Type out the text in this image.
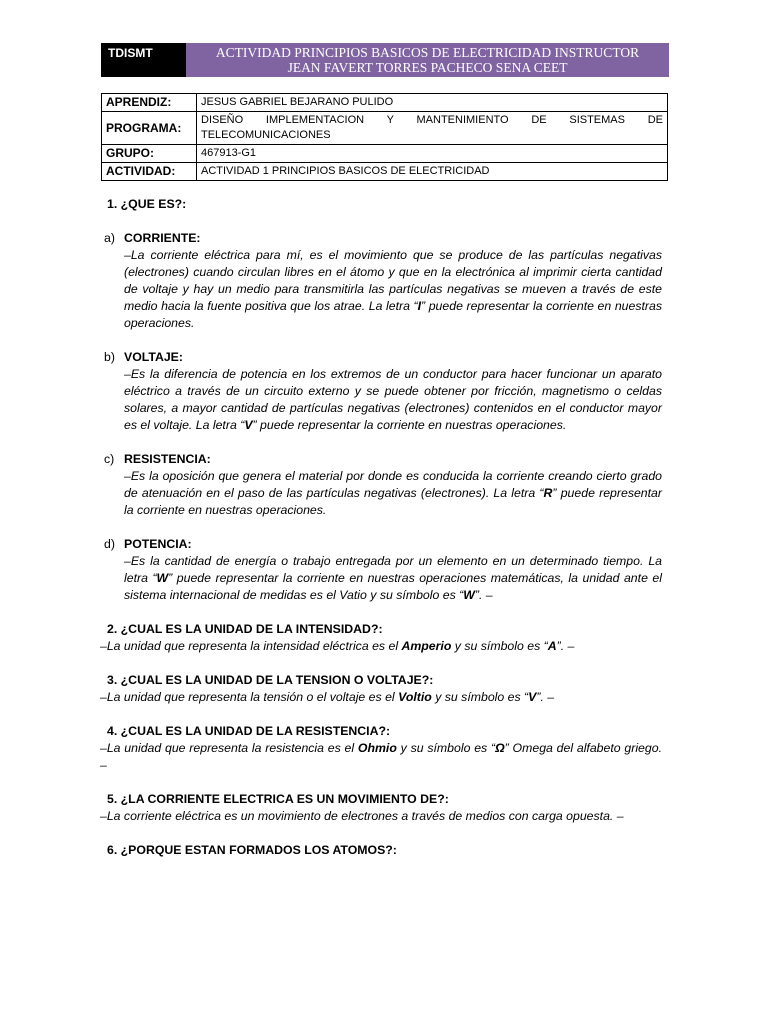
TDISMT	ACTIVIDAD PRINCIPIOS BASICOS DE ELECTRICIDAD INSTRUCTOR
JEAN FAVERT TORRES PACHECO SENA CEET
APRENDIZ:	JESUS GABRIEL BEJARANO PULIDO
PROGRAMA:	DISEÑO IMPLEMENTACION Y MANTENIMIENTO DE SISTEMAS DE
TELECOMUNICACIONES

GRUPO:	467913-G1
ACTIVIDAD:	ACTIVIDAD 1 PRINCIPIOS BASICOS DE ELECTRICIDAD
1. ¿QUE ES?:
a) CORRIENTE:
–La corriente eléctrica para mí, es el movimiento que se produce de las partículas negativas (electrones) cuando circulan libres en el átomo y que en la electrónica al imprimir cierta cantidad de voltaje y hay un medio para transmitirla las partículas negativas se mueven a través de este medio hacia la fuente positiva que los atrae. La letra “I” puede representar la corriente en nuestras operaciones.
b) VOLTAJE:
–Es la diferencia de potencia en los extremos de un conductor para hacer funcionar un aparato eléctrico a través de un circuito externo y se puede obtener por fricción, magnetismo o celdas solares, a mayor cantidad de partículas negativas (electrones) contenidos en el conductor mayor es el voltaje. La letra “V” puede representar la corriente en nuestras operaciones.
c) RESISTENCIA:
–Es la oposición que genera el material por donde es conducida la corriente creando cierto grado de atenuación en el paso de las partículas negativas (electrones). La letra “R” puede representar la corriente en nuestras operaciones.
d) POTENCIA:
–Es la cantidad de energía o trabajo entregada por un elemento en un determinado tiempo. La letra “W” puede representar la corriente en nuestras operaciones matemáticas, la unidad ante el sistema internacional de medidas es el Vatio y su símbolo es “W”. –
2. ¿CUAL ES LA UNIDAD DE LA INTENSIDAD?:
–La unidad que representa la intensidad eléctrica es el Amperio y su símbolo es “A”. –
3. ¿CUAL ES LA UNIDAD DE LA TENSION O VOLTAJE?:
–La unidad que representa la tensión o el voltaje es el Voltio y su símbolo es “V”. –
4. ¿CUAL ES LA UNIDAD DE LA RESISTENCIA?:
–La unidad que representa la resistencia es el Ohmio y su símbolo es “Ω” Omega del alfabeto griego. –
5. ¿LA CORRIENTE ELECTRICA ES UN MOVIMIENTO DE?:
–La corriente eléctrica es un movimiento de electrones a través de medios con carga opuesta. –
6. ¿PORQUE ESTAN FORMADOS LOS ATOMOS?:
